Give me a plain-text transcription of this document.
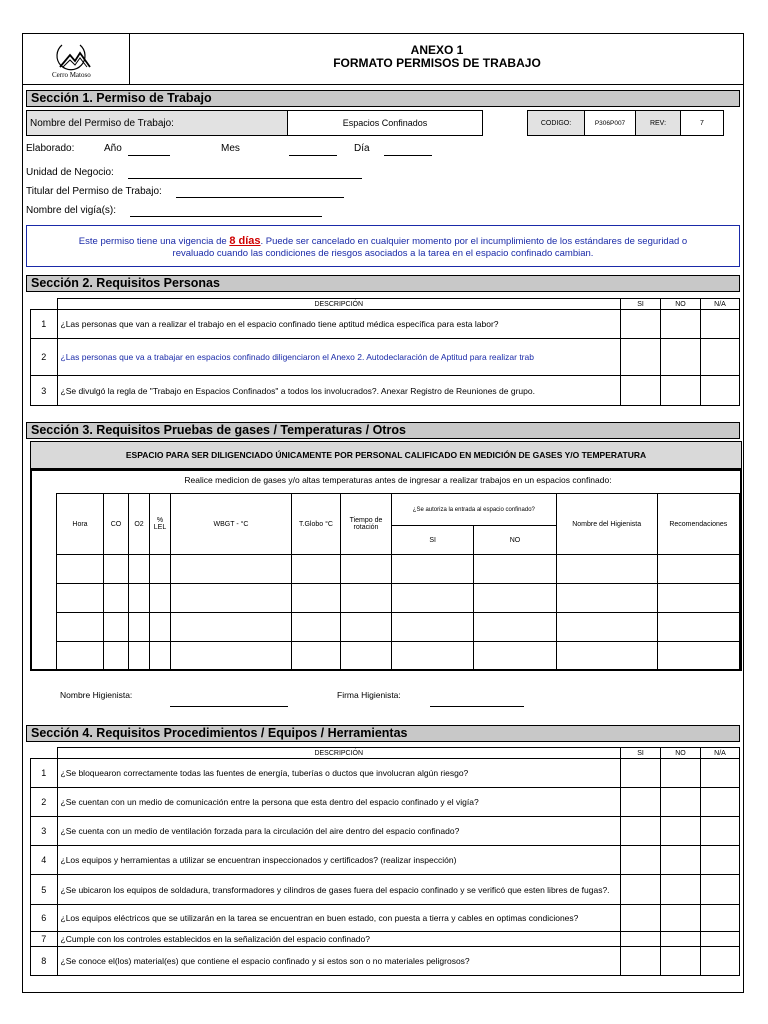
Cerro Matoso
ANEXO 1
FORMATO PERMISOS DE TRABAJO
Sección 1. Permiso de Trabajo
Nombre del Permiso de Trabajo:	Espacios Confinados		CODIGO:	P306P007	REV:	7	
Elaborado:	Año	Mes	Día
Unidad de Negocio:
Titular del Permiso de Trabajo:
Nombre del vigía(s):
Este permiso tiene una vigencia de 8 días. Puede ser cancelado en cualquier momento por el incumplimiento de los estándares de seguridad o
revaluado cuando las condiciones de riesgos asociados a la tarea en el espacio confinado cambian.
Sección 2. Requisitos Personas
	DESCRIPCIÓN	SI	NO	N/A
1	¿Las personas que van a realizar el trabajo en el espacio confinado tiene aptitud médica específica para esta labor?			
2	¿Las personas que va a trabajar en espacios confinado diligenciaron el Anexo 2. Autodeclaración de Aptitud para realizar trab			
3	¿Se divulgó la regla de "Trabajo en Espacios Confinados" a todos los involucrados?. Anexar Registro de Reuniones de grupo.			
Sección 3. Requisitos Pruebas de gases / Temperaturas / Otros
ESPACIO PARA SER DILIGENCIADO ÚNICAMENTE POR PERSONAL CALIFICADO EN MEDICIÓN DE GASES Y/O TEMPERATURA
Realice medicion de gases y/o altas temperaturas antes de ingresar a realizar trabajos en un espacios confinado:
Hora	CO	O2	% LEL	WBGT - °C	T.Globo °C	Tiempo de rotación	¿Se autoriza la entrada al espacio confinado?		Nombre del Higienista	Recomendaciones
							SI	NO		

Nombre Higienista:	Firma Higienista:
Sección 4. Requisitos Procedimientos / Equipos / Herramientas
	DESCRIPCIÓN	SI	NO	N/A
1	¿Se bloquearon correctamente todas las fuentes de energía, tuberías o ductos que involucran algún riesgo?			
2	¿Se cuentan con un medio de comunicación entre la persona que esta dentro del espacio confinado y el vigía?			
3	¿Se cuenta con un medio de ventilación forzada para la circulación del aire dentro del espacio confinado?			
4	¿Los equipos y herramientas a utilizar se encuentran inspeccionados y certificados? (realizar inspección)			
5	¿Se ubicaron los equipos de soldadura, transformadores y cilindros de gases fuera del espacio confinado y se verificó que esten libres de fugas?.			
6	¿Los equipos eléctricos que se utilizarán en la tarea se encuentran en buen estado, con puesta a tierra y cables en optimas condiciones?			
7	¿Cumple con los controles establecidos en la señalización del espacio confinado?			
8	¿Se conoce el(los) material(es) que contiene el espacio confinado y si estos son o no materiales peligrosos?			
